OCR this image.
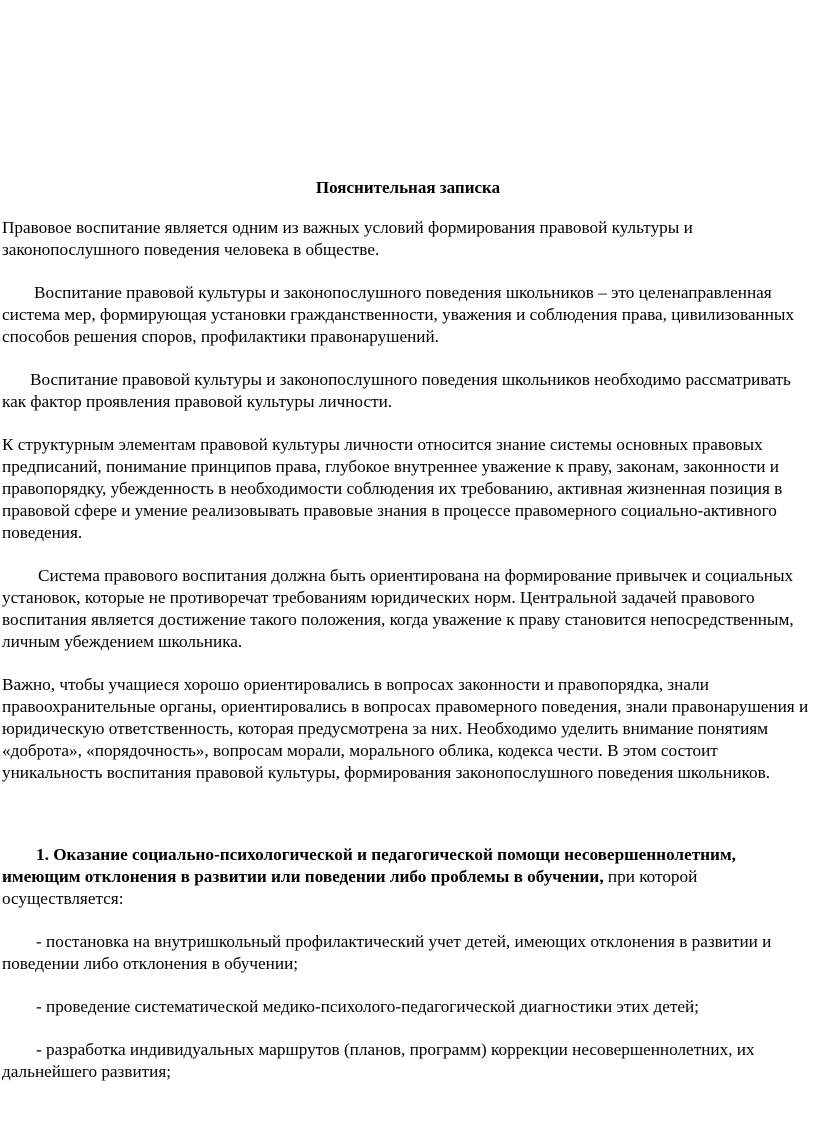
Пояснительная записка

Правовое воспитание является одним из важных условий формирования правовой культуры и законопослушного поведения человека в обществе.

Воспитание правовой культуры и законопослушного поведения школьников – это целенаправленная система мер, формирующая установки гражданственности, уважения и соблюдения права, цивилизованных способов решения споров, профилактики правонарушений.

Воспитание правовой культуры и законопослушного поведения школьников необходимо рассматривать как фактор проявления правовой культуры личности.

К структурным элементам правовой культуры личности относится знание системы основных правовых предписаний, понимание принципов права, глубокое внутреннее уважение к праву, законам, законности и правопорядку, убежденность в необходимости соблюдения их требованию, активная жизненная позиция в правовой сфере и умение реализовывать правовые знания в процессе правомерного социально-активного поведения.

Система правового воспитания должна быть ориентирована на формирование привычек и социальных установок, которые не противоречат требованиям юридических норм. Центральной задачей правового воспитания является достижение такого положения, когда уважение к праву становится непосредственным, личным убеждением школьника.

Важно, чтобы учащиеся хорошо ориентировались в вопросах законности и правопорядка, знали правоохранительные органы, ориентировались в вопросах правомерного поведения, знали правонарушения и юридическую ответственность, которая предусмотрена за них. Необходимо уделить внимание понятиям «доброта», «порядочность», вопросам морали, морального облика, кодекса чести. В этом состоит уникальность воспитания правовой культуры, формирования законопослушного поведения школьников.

1. Оказание социально-психологической и педагогической помощи несовершеннолетним, имеющим отклонения в развитии или поведении либо проблемы в обучении, при которой осуществляется:

- постановка на внутришкольный профилактический учет детей, имеющих отклонения в развитии и поведении либо отклонения в обучении;

- проведение систематической медико-психолого-педагогической диагностики этих детей;

- разработка индивидуальных маршрутов (планов, программ) коррекции несовершеннолетних, их дальнейшего развития;
